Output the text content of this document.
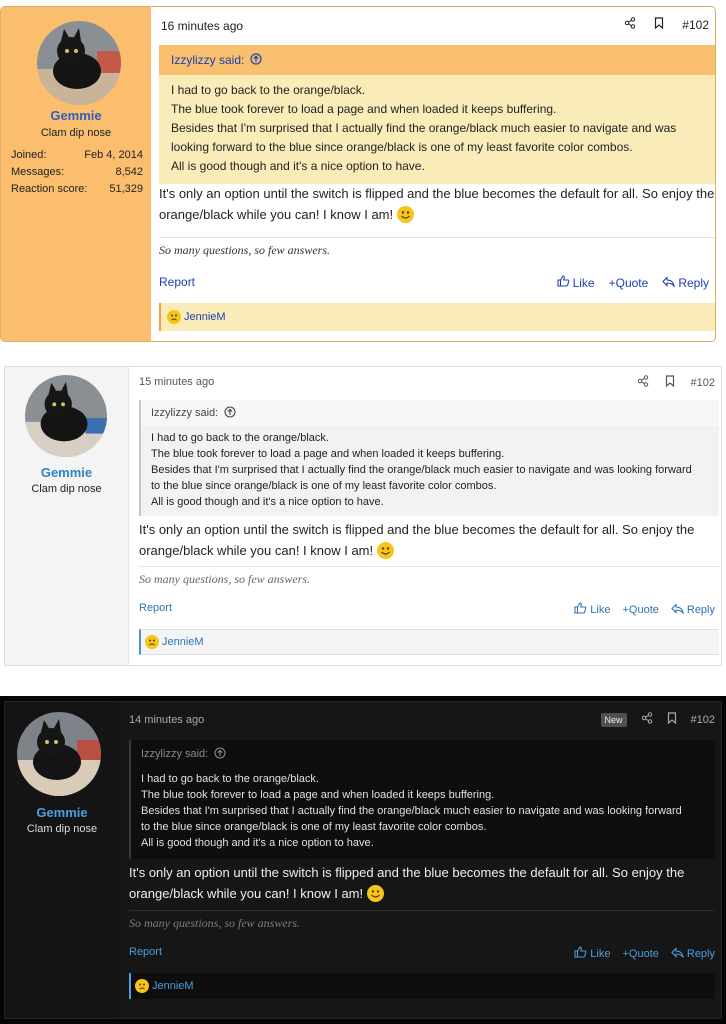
Gemmie
Clam dip nose
Joined:	Feb 4, 2014
Messages:	8,542
Reaction score: 51,329
16 minutes ago	#102
Izzylizzy said:
I had to go back to the orange/black.
The blue took forever to load a page and when loaded it keeps buffering.
Besides that I'm surprised that I actually find the orange/black much easier to navigate and was
looking forward to the blue since orange/black is one of my least favorite color combos.
All is good though and it's a nice option to have.
It's only an option until the switch is flipped and the blue becomes the default for all. So enjoy the orange/black while you can! I know I am!
So many questions, so few answers.
Report	Like + Quote	Reply
JennieM
Gemmie
Clam dip nose
15 minutes ago	#102
Izzylizzy said:
I had to go back to the orange/black.
The blue took forever to load a page and when loaded it keeps buffering.
Besides that I'm surprised that I actually find the orange/black much easier to navigate and was looking forward
to the blue since orange/black is one of my least favorite color combos.
All is good though and it's a nice option to have.
It's only an option until the switch is flipped and the blue becomes the default for all. So enjoy the orange/black while you can! I know I am!
So many questions, so few answers.
Report	Like + Quote	Reply
JennieM
Gemmie
Clam dip nose
14 minutes ago	New	#102
Izzylizzy said:
I had to go back to the orange/black.
The blue took forever to load a page and when loaded it keeps buffering.
Besides that I'm surprised that I actually find the orange/black much easier to navigate and was looking forward
to the blue since orange/black is one of my least favorite color combos.
All is good though and it's a nice option to have.
It's only an option until the switch is flipped and the blue becomes the default for all. So enjoy the orange/black while you can! I know I am!
So many questions, so few answers.
Report	Like + Quote	Reply
JennieM
